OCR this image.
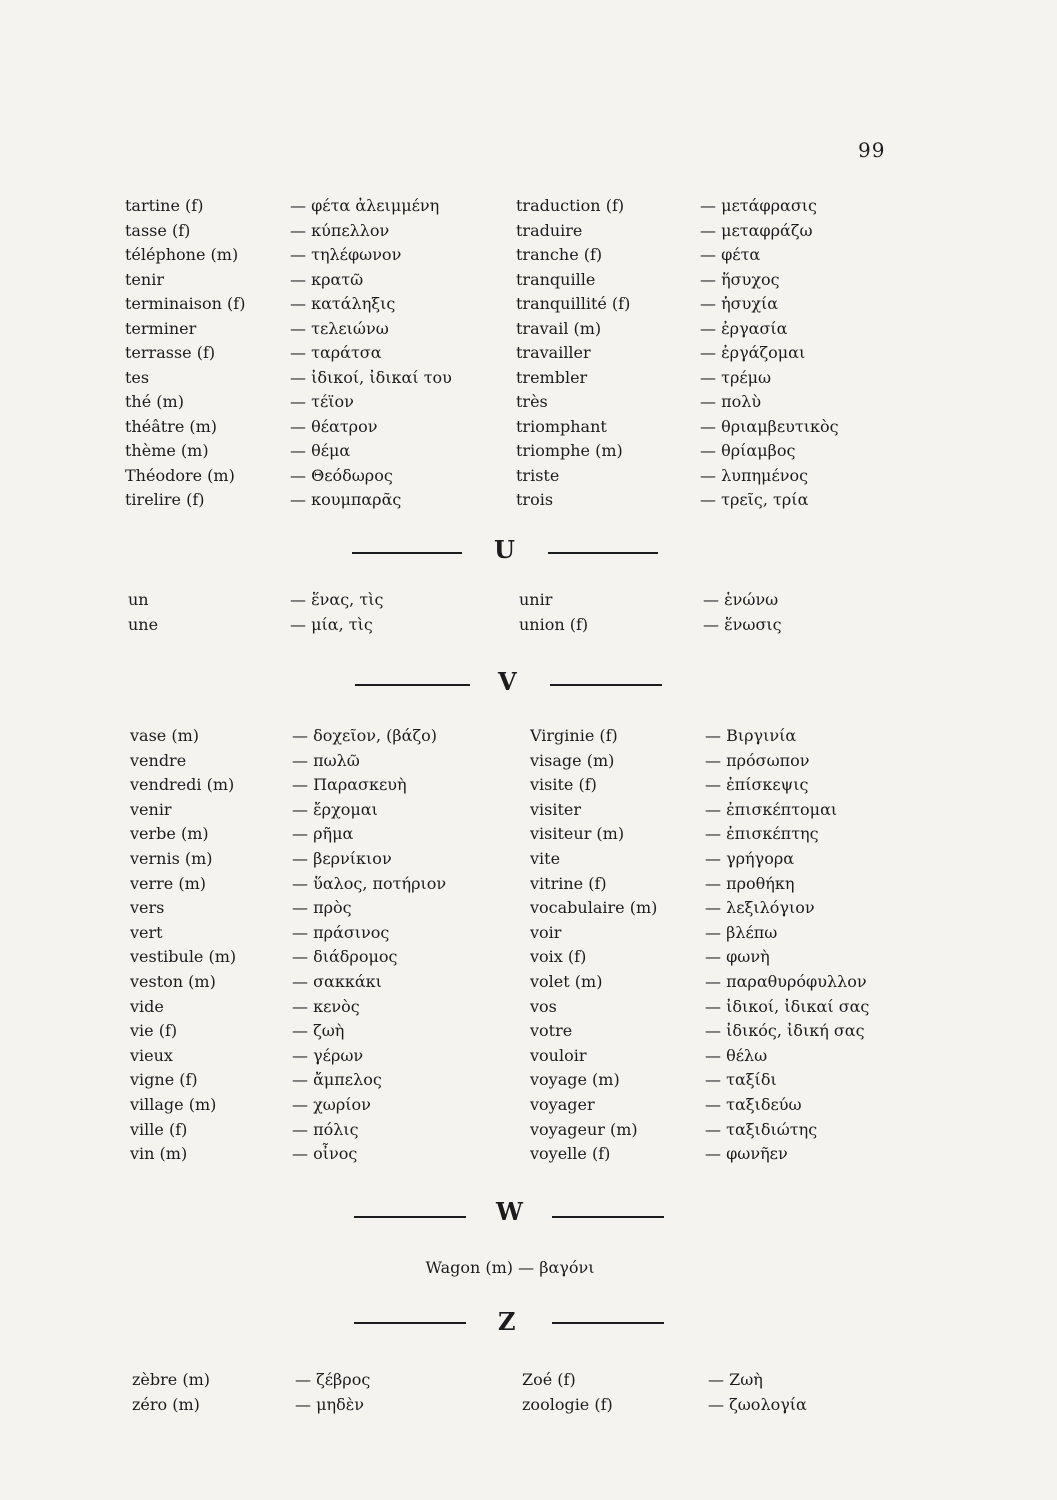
99
tartine (f)	— φέτα ἀλειμμένη	traduction (f)	— μετάφρασις
tasse (f)	— κύπελλον	traduire	— μεταφράζω
téléphone (m)	— τηλέφωνον	tranche (f)	— φέτα
tenir	— κρατῶ	tranquille	— ἥσυχος
terminaison (f)	— κατάληξις	tranquillité (f)	— ἡσυχία
terminer	— τελειώνω	travail (m)	— ἐργασία
terrasse (f)	— ταράτσα	travailler	— ἐργάζομαι
tes	— ἰδικοί, ἰδικαί του	trembler	— τρέμω
thé (m)	— τέϊον	très	— πολὺ
théâtre (m)	— θέατρον	triomphant	— θριαμβευτικὸς
thème (m)	— θέμα	triomphe (m)	— θρίαμβος
Théodore (m)	— Θεόδωρος	triste	— λυπημένος
tirelire (f)	— κουμπαρᾶς	trois	— τρεῖς, τρία
U
un	— ἕνας, τὶς	unir	— ἑνώνω
une	— μία, τὶς	union (f)	— ἕνωσις
V
vase (m)	— δοχεῖον, (βάζο)	Virginie (f)	— Βιργινία
vendre	— πωλῶ	visage (m)	— πρόσωπον
vendredi (m)	— Παρασκευὴ	visite (f)	— ἐπίσκεψις
venir	— ἔρχομαι	visiter	— ἐπισκέπτομαι
verbe (m)	— ρῆμα	visiteur (m)	— ἐπισκέπτης
vernis (m)	— βερνίκιον	vite	— γρήγορα
verre (m)	— ὕαλος, ποτήριον	vitrine (f)	— προθήκη
vers	— πρὸς	vocabulaire (m)	— λεξιλόγιον
vert	— πράσινος	voir	— βλέπω
vestibule (m)	— διάδρομος	voix (f)	— φωνὴ
veston (m)	— σακκάκι	volet (m)	— παραθυρόφυλλον
vide	— κενὸς	vos	— ἰδικοί, ἰδικαί σας
vie (f)	— ζωὴ	votre	— ἰδικός, ἰδική σας
vieux	— γέρων	vouloir	— θέλω
vigne (f)	— ἄμπελος	voyage (m)	— ταξίδι
village (m)	— χωρίον	voyager	— ταξιδεύω
ville (f)	— πόλις	voyageur (m)	— ταξιδιώτης
vin (m)	— οἶνος	voyelle (f)	— φωνῆεν
W
Wagon (m) — βαγόνι
Z
zèbre (m)	— ζέβρος	Zoé (f)	— Ζωὴ
zéro (m)	— μηδὲν	zoologie (f)	— ζωολογία
